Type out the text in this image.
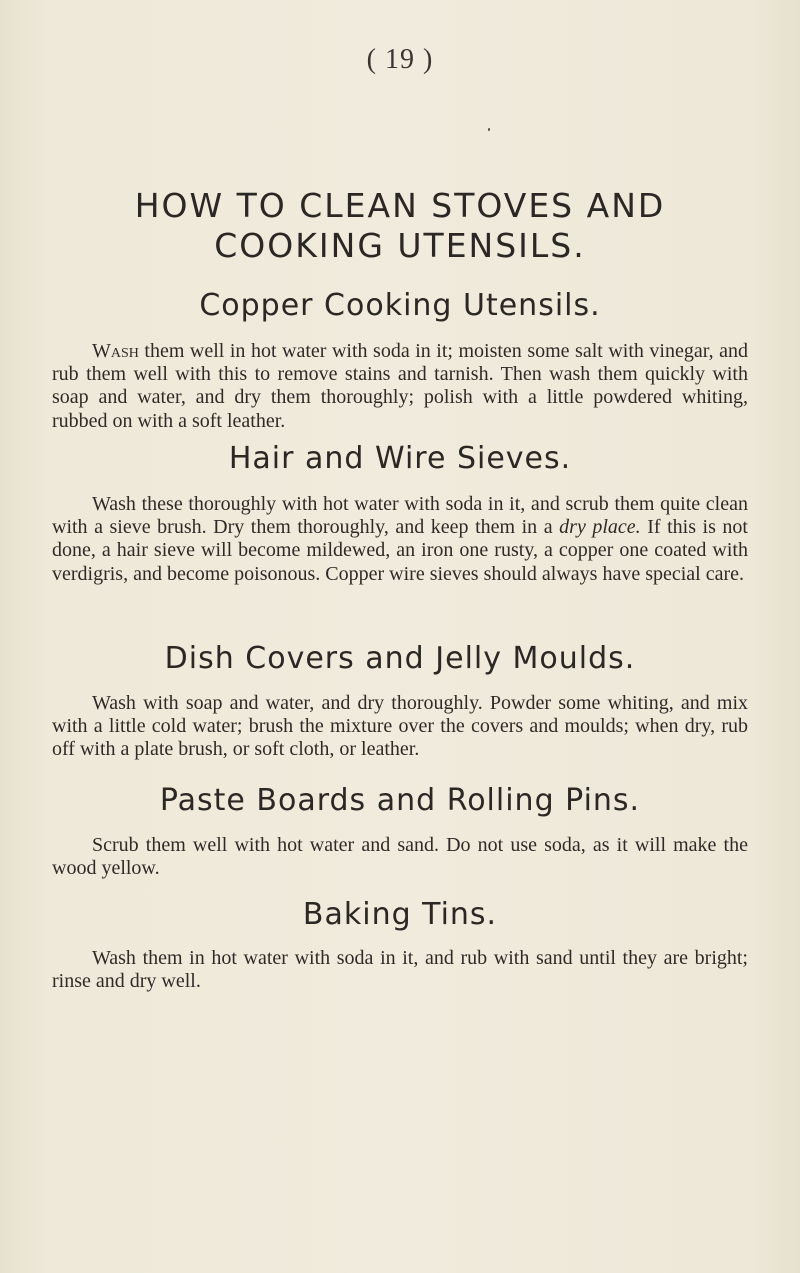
( 19 )
HOW TO CLEAN STOVES AND
COOKING UTENSILS.
Copper Cooking Utensils.

Wash them well in hot water with soda in it; moisten some salt with vinegar, and rub them well with this to remove stains and tarnish. Then wash them quickly with soap and water, and dry them thoroughly; polish with a little powdered whiting, rubbed on with a soft leather.

Hair and Wire Sieves.

Wash these thoroughly with hot water with soda in it, and scrub them quite clean with a sieve brush. Dry them thoroughly, and keep them in a dry place. If this is not done, a hair sieve will become mildewed, an iron one rusty, a copper one coated with verdigris, and become poisonous. Copper wire sieves should always have special care.

Dish Covers and Jelly Moulds.

Wash with soap and water, and dry thoroughly. Powder some whiting, and mix with a little cold water; brush the mixture over the covers and moulds; when dry, rub off with a plate brush, or soft cloth, or leather.

Paste Boards and Rolling Pins.

Scrub them well with hot water and sand. Do not use soda, as it will make the wood yellow.

Baking Tins.

Wash them in hot water with soda in it, and rub with sand until they are bright; rinse and dry well.
